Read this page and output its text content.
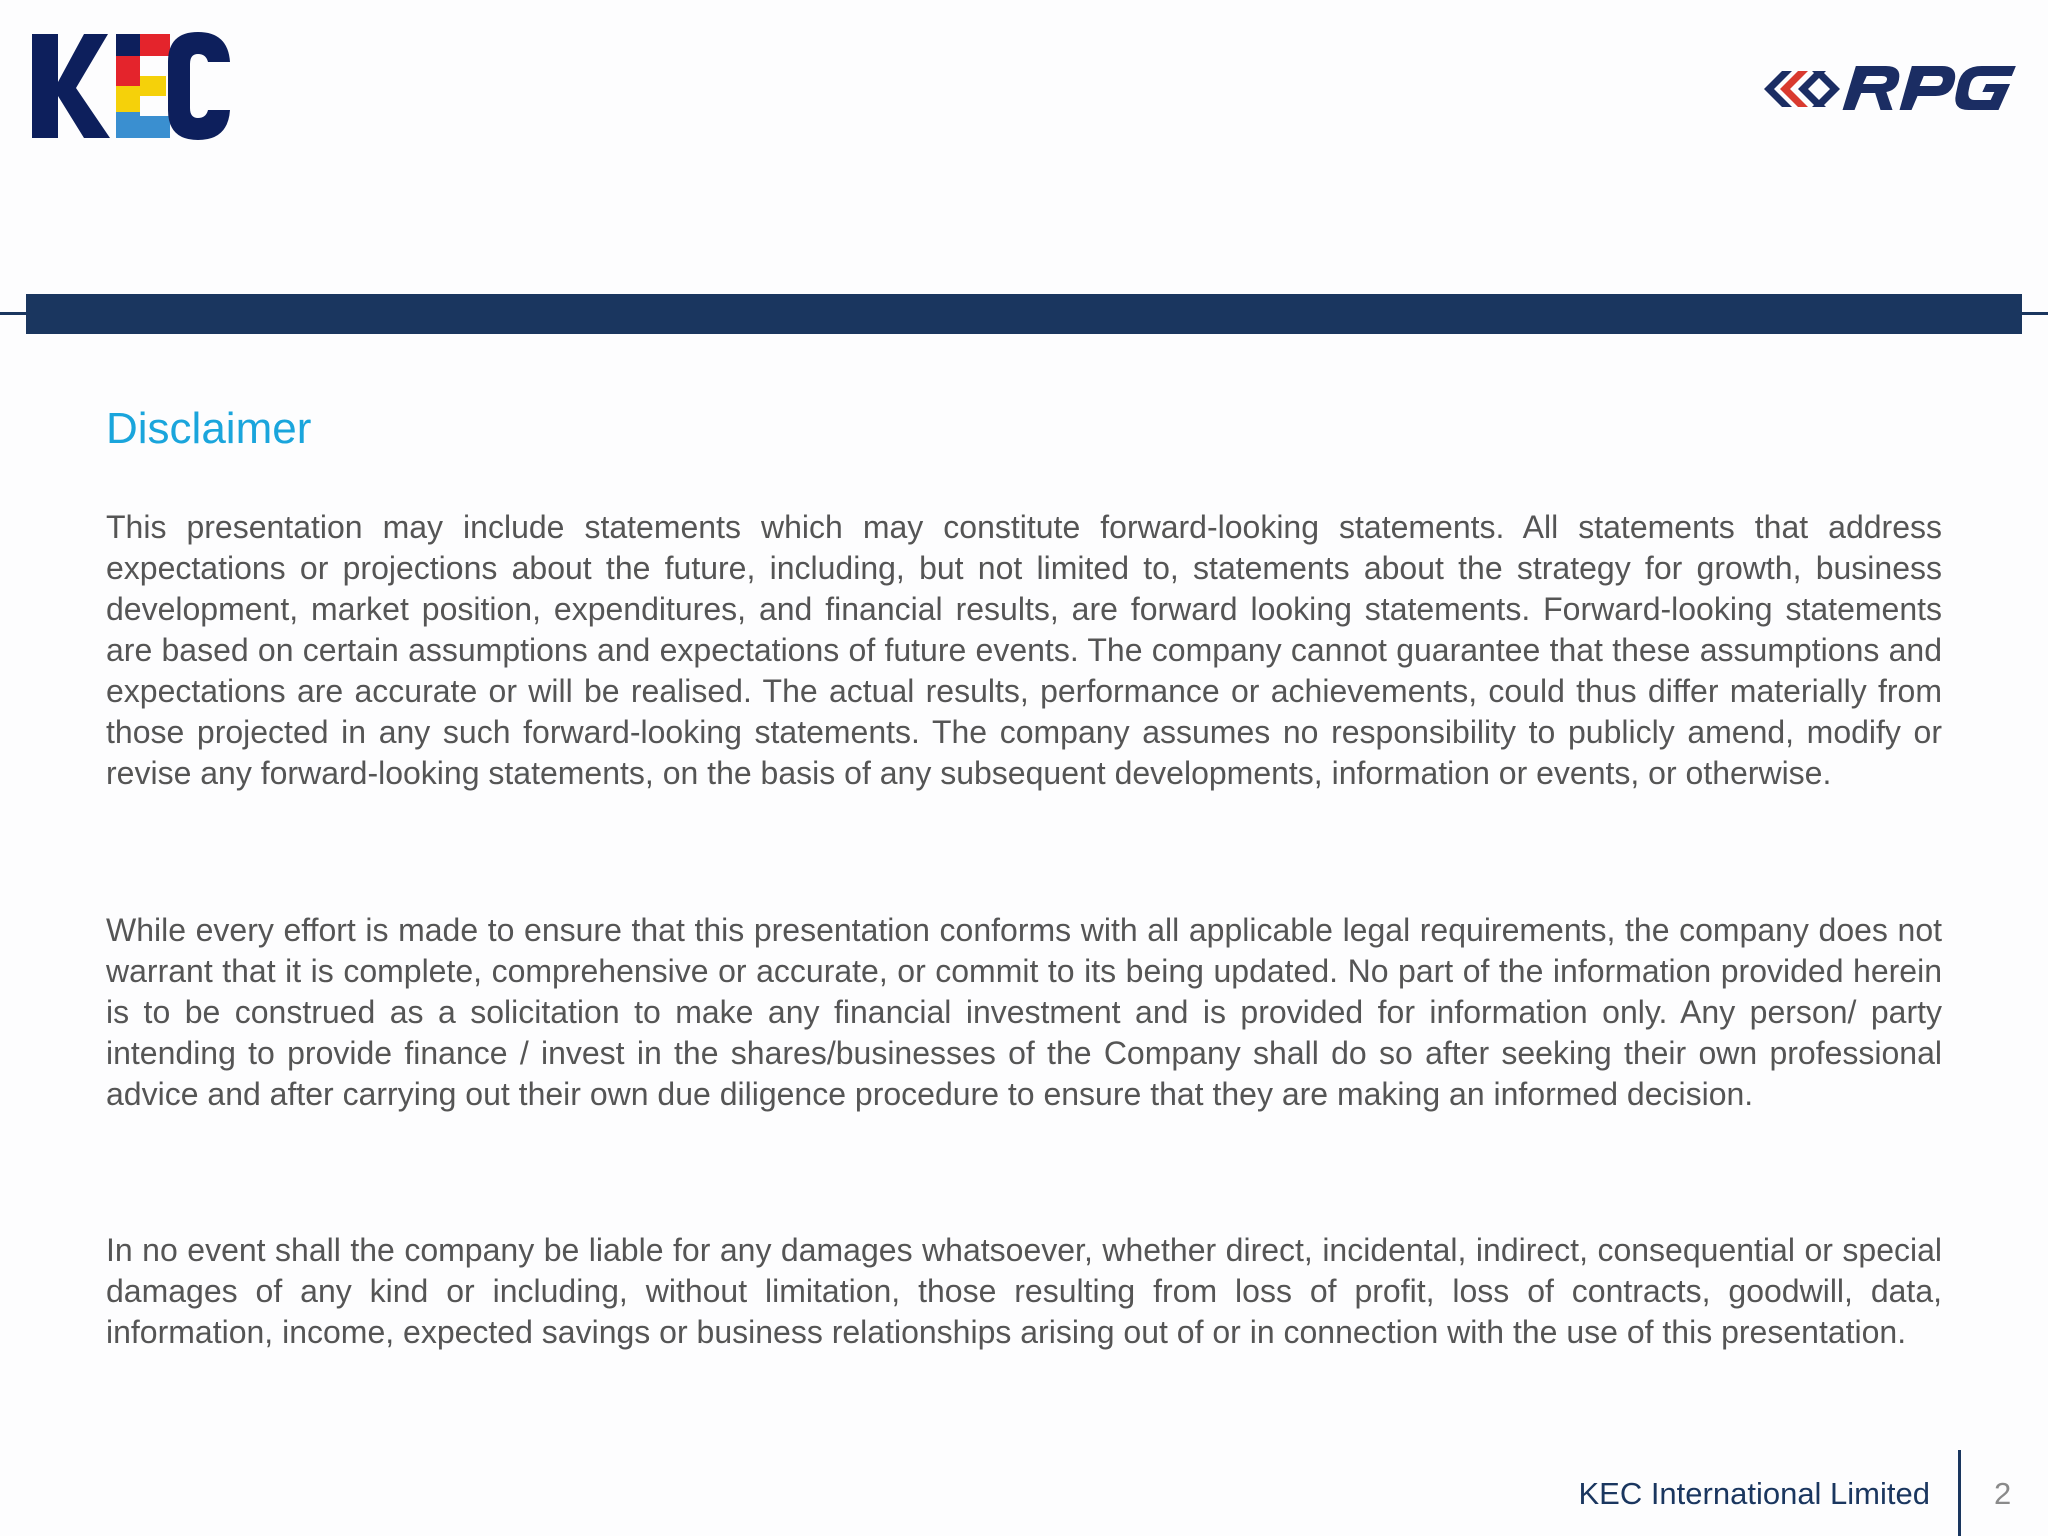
Disclaimer

This presentation may include statements which may constitute forward-looking statements. All statements that address expectations or projections about the future, including, but not limited to, statements about the strategy for growth, business development, market position, expenditures, and financial results, are forward looking statements. Forward-looking statements are based on certain assumptions and expectations of future events. The company cannot guarantee that these assumptions and expectations are accurate or will be realised. The actual results, performance or achievements, could thus differ materially from those projected in any such forward-looking statements. The company assumes no responsibility to publicly amend, modify or revise any forward-looking statements, on the basis of any subsequent developments, information or events, or otherwise.

While every effort is made to ensure that this presentation conforms with all applicable legal requirements, the company does not warrant that it is complete, comprehensive or accurate, or commit to its being updated. No part of the information provided herein is to be construed as a solicitation to make any financial investment and is provided for information only. Any person/ party intending to provide finance / invest in the shares/businesses of the Company shall do so after seeking their own professional advice and after carrying out their own due diligence procedure to ensure that they are making an informed decision.

In no event shall the company be liable for any damages whatsoever, whether direct, incidental, indirect, consequential or special damages of any kind or including, without limitation, those resulting from loss of profit, loss of contracts, goodwill, data, information, income, expected savings or business relationships arising out of or in connection with the use of this presentation.

KEC International Limited 2
